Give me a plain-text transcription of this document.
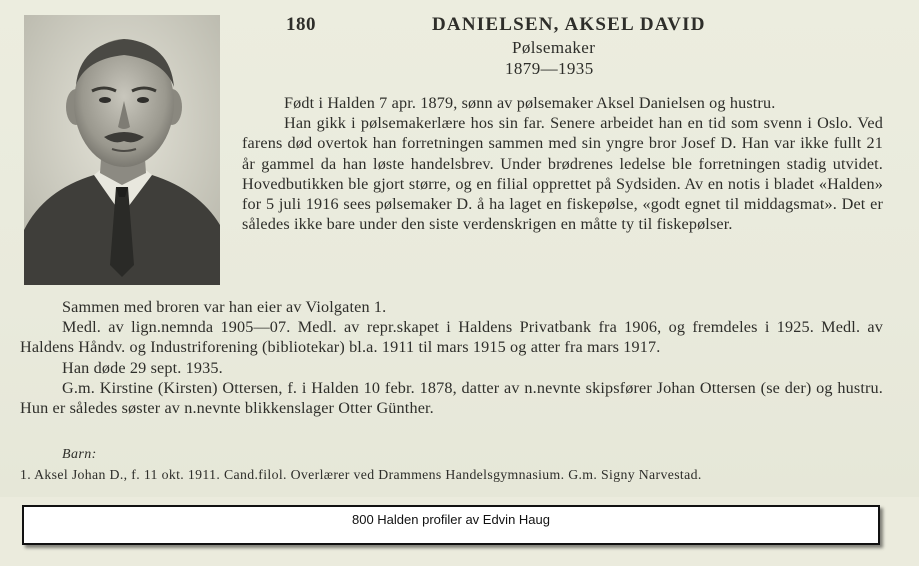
180	DANIELSEN, AKSEL DAVID
Pølsemaker
1879—1935

Født i Halden 7 apr. 1879, sønn av pølsemaker Aksel Danielsen og hustru.

Han gikk i pølsemakerlære hos sin far. Senere arbeidet han en tid som svenn i Oslo. Ved farens død overtok han forretningen sammen med sin yngre bror Josef D. Han var ikke fullt 21 år gammel da han løste handelsbrev. Under brødrenes ledelse ble forretningen stadig utvidet. Hovedbutikken ble gjort større, og en filial opprettet på Sydsiden. Av en notis i bladet «Halden» for 5 juli 1916 sees pølsemaker D. å ha laget en fiskepølse, «godt egnet til middagsmat». Det er således ikke bare under den siste verdenskrigen en måtte ty til fiskepølser.

Sammen med broren var han eier av Violgaten 1.

Medl. av lign.nemnda 1905—07. Medl. av repr.skapet i Haldens Privatbank fra 1906, og fremdeles i 1925. Medl. av Haldens Håndv. og Industriforening (bibliotekar) bl.a. 1911 til mars 1915 og atter fra mars 1917.

Han døde 29 sept. 1935.

G.m. Kirstine (Kirsten) Ottersen, f. i Halden 10 febr. 1878, datter av n.nevnte skipsfører Johan Ottersen (se der) og hustru. Hun er således søster av n.nevnte blikkenslager Otter Günther.

Barn:
1. Aksel Johan D., f. 11 okt. 1911. Cand.filol. Overlærer ved Drammens Handelsgymnasium. G.m. Signy Narvestad.
800 Halden profiler av Edvin Haug
